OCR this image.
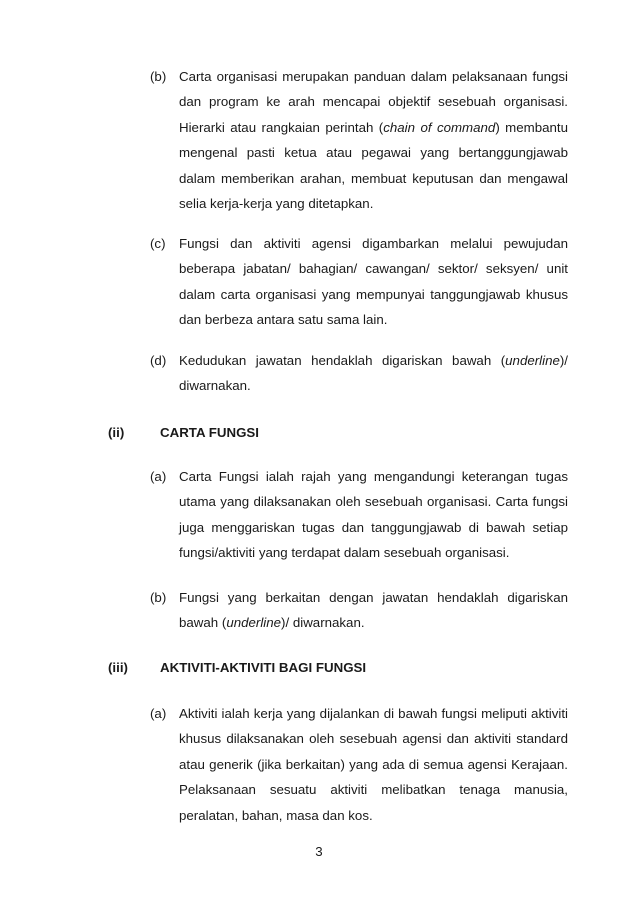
(b) Carta organisasi merupakan panduan dalam pelaksanaan fungsi dan program ke arah mencapai objektif sesebuah organisasi. Hierarki atau rangkaian perintah (chain of command) membantu mengenal pasti ketua atau pegawai yang bertanggungjawab dalam memberikan arahan, membuat keputusan dan mengawal selia kerja-kerja yang ditetapkan.
(c) Fungsi dan aktiviti agensi digambarkan melalui pewujudan beberapa jabatan/ bahagian/ cawangan/ sektor/ seksyen/ unit dalam carta organisasi yang mempunyai tanggungjawab khusus dan berbeza antara satu sama lain.
(d) Kedudukan jawatan hendaklah digariskan bawah (underline)/ diwarnakan.
(ii)	CARTA FUNGSI
(a) Carta Fungsi ialah rajah yang mengandungi keterangan tugas utama yang dilaksanakan oleh sesebuah organisasi. Carta fungsi juga menggariskan tugas dan tanggungjawab di bawah setiap fungsi/aktiviti yang terdapat dalam sesebuah organisasi.
(b) Fungsi yang berkaitan dengan jawatan hendaklah digariskan bawah (underline)/ diwarnakan.
(iii) AKTIVITI-AKTIVITI BAGI FUNGSI
(a) Aktiviti ialah kerja yang dijalankan di bawah fungsi meliputi aktiviti khusus dilaksanakan oleh sesebuah agensi dan aktiviti standard atau generik (jika berkaitan) yang ada di semua agensi Kerajaan. Pelaksanaan sesuatu aktiviti melibatkan tenaga manusia, peralatan, bahan, masa dan kos.
3
